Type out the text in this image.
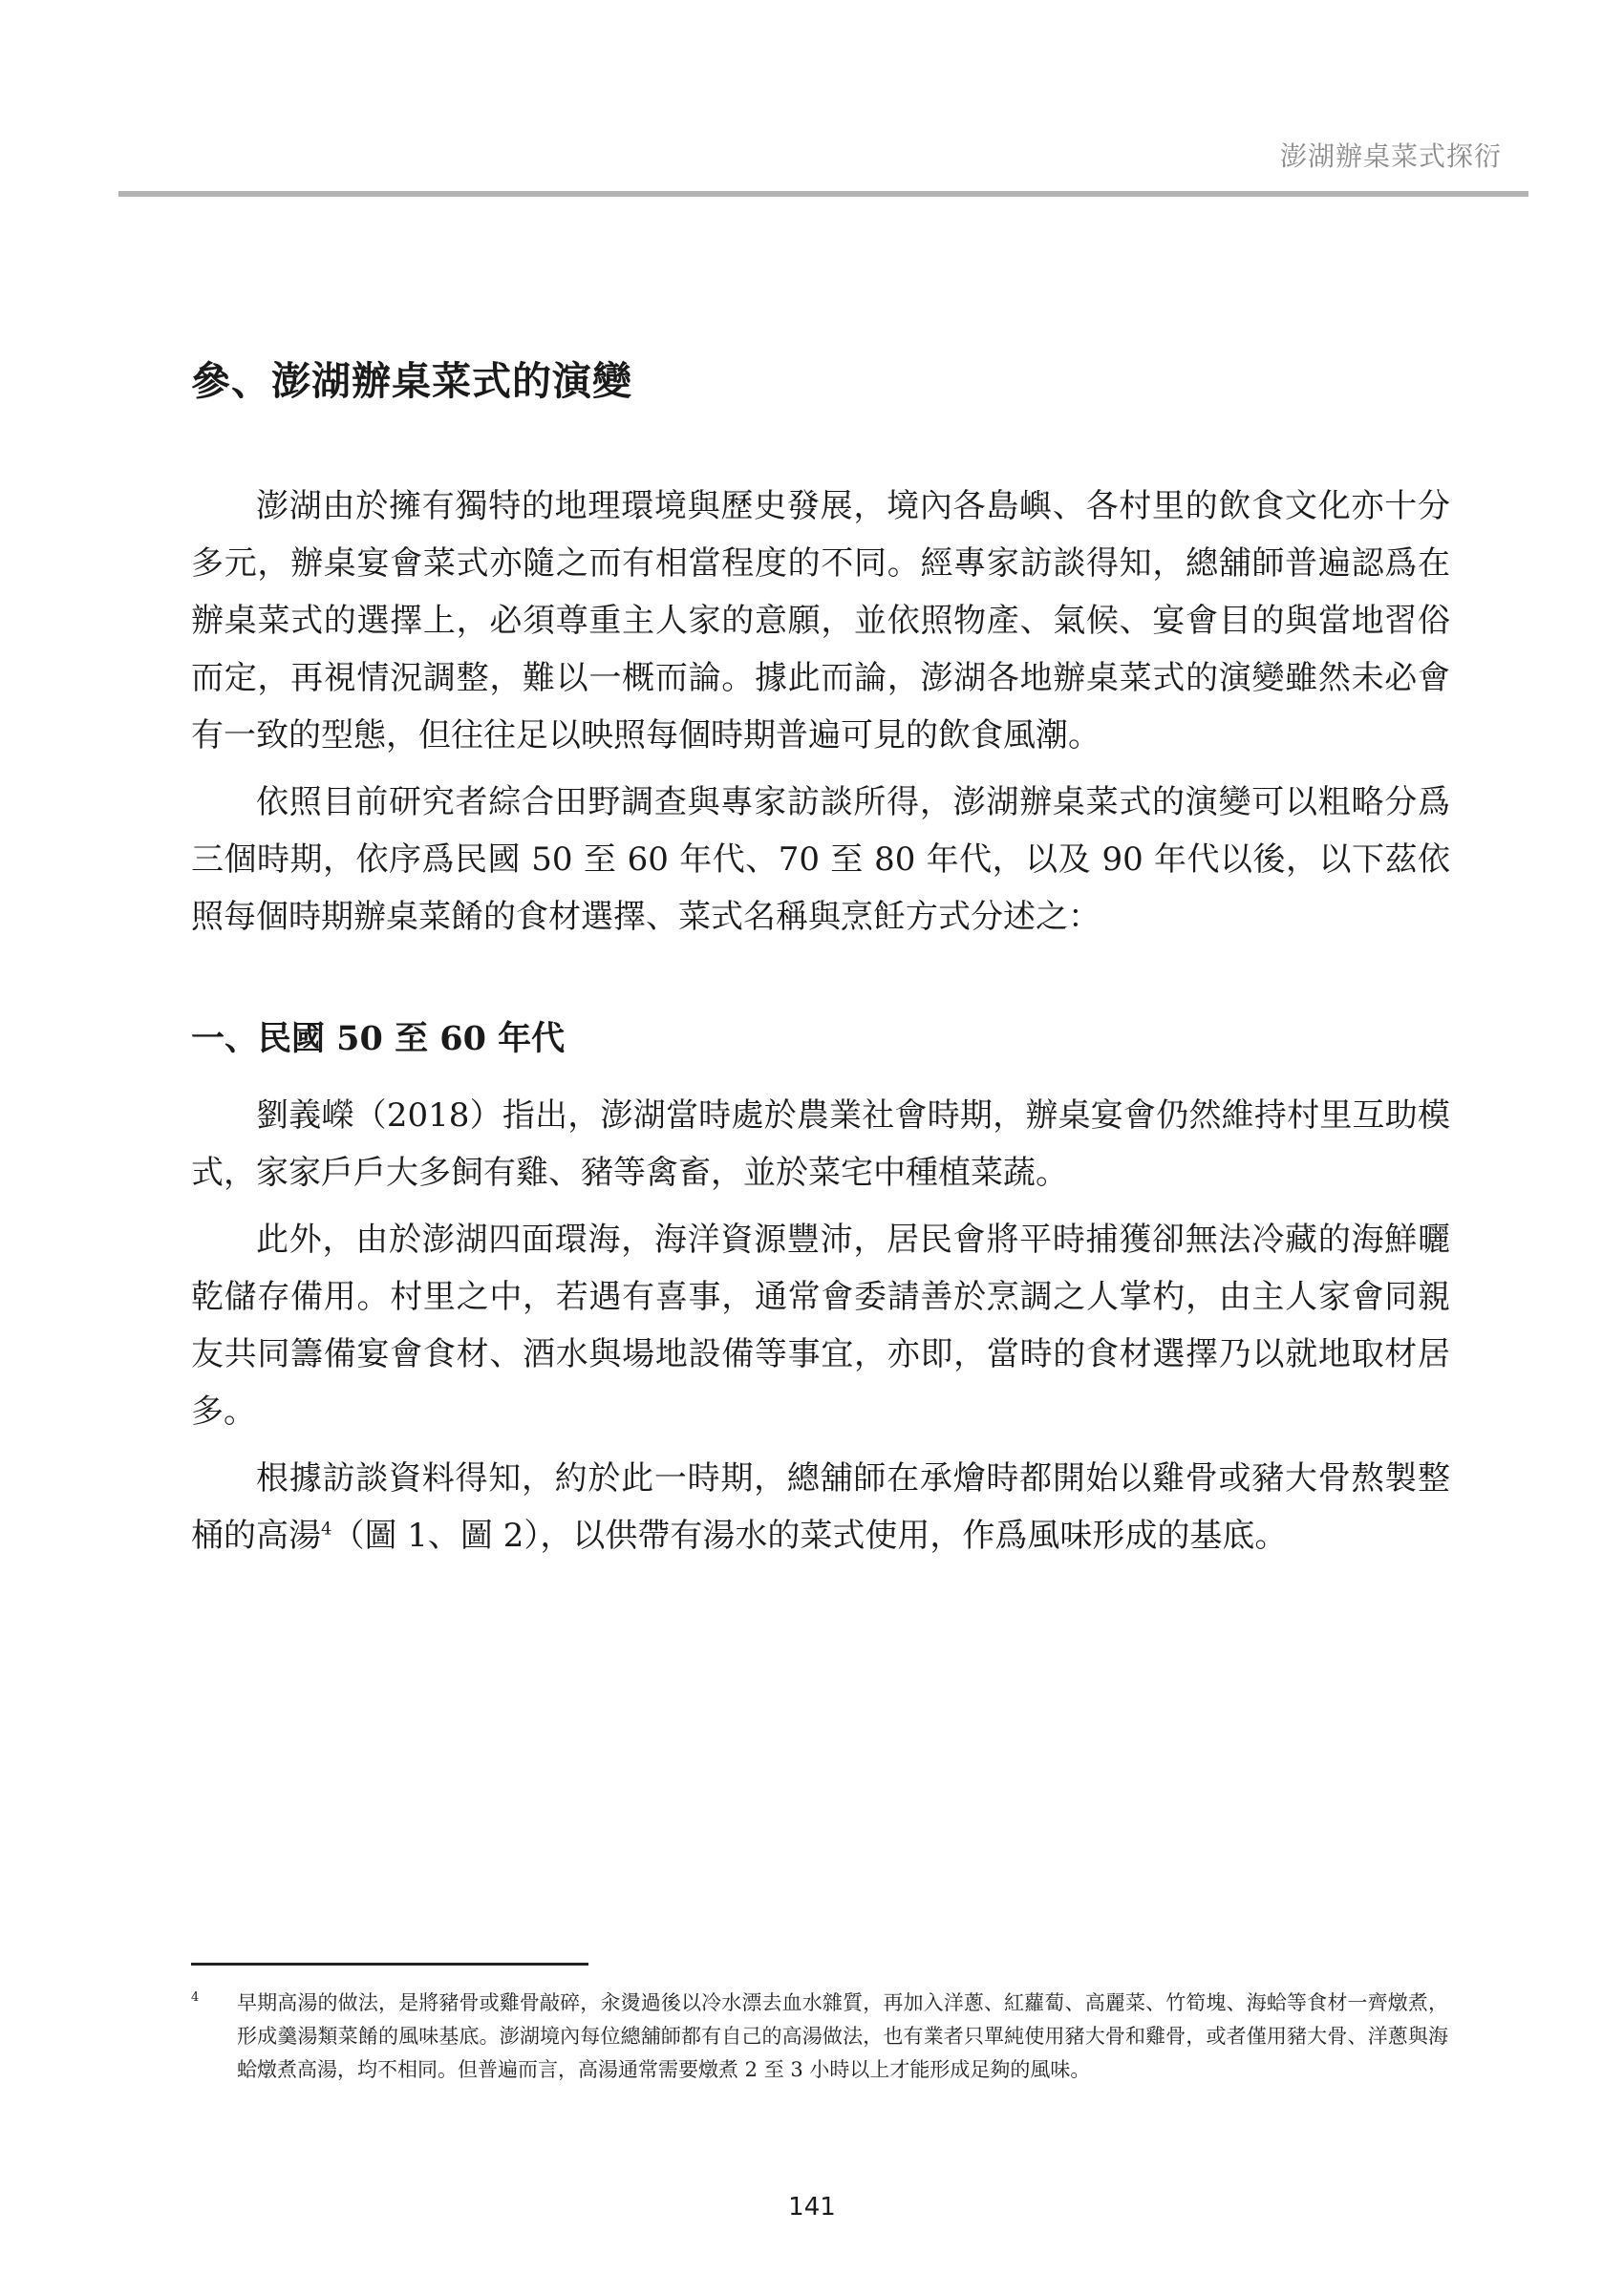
澎湖辦桌菜式探衍
參、澎湖辦桌菜式的演變

澎湖由於擁有獨特的地理環境與歷史發展，境內各島嶼、各村里的飲食文化亦十分多元，辦桌宴會菜式亦隨之而有相當程度的不同。經專家訪談得知，總舖師普遍認爲在辦桌菜式的選擇上，必須尊重主人家的意願，並依照物產、氣候、宴會目的與當地習俗而定，再視情況調整，難以一概而論。據此而論，澎湖各地辦桌菜式的演變雖然未必會有一致的型態，但往往足以映照每個時期普遍可見的飲食風潮。

依照目前研究者綜合田野調查與專家訪談所得，澎湖辦桌菜式的演變可以粗略分爲三個時期，依序爲民國 50 至 60 年代、70 至 80 年代，以及 90 年代以後，以下茲依照每個時期辦桌菜餚的食材選擇、菜式名稱與烹飪方式分述之：

一、民國 50 至 60 年代

劉義嶸（2018）指出，澎湖當時處於農業社會時期，辦桌宴會仍然維持村里互助模式，家家戶戶大多飼有雞、豬等禽畜，並於菜宅中種植菜蔬。

此外，由於澎湖四面環海，海洋資源豐沛，居民會將平時捕獲卻無法冷藏的海鮮曬乾儲存備用。村里之中，若遇有喜事，通常會委請善於烹調之人掌杓，由主人家會同親友共同籌備宴會食材、酒水與場地設備等事宜，亦即，當時的食材選擇乃以就地取材居多。

根據訪談資料得知，約於此一時期，總舖師在承燴時都開始以雞骨或豬大骨熬製整桶的高湯$^4$（圖 1、圖 2），以供帶有湯水的菜式使用，作爲風味形成的基底。

4 早期高湯的做法，是將豬骨或雞骨敲碎，汆燙過後以冷水漂去血水雜質，再加入洋蔥、紅蘿蔔、高麗菜、竹筍塊、海蛤等食材一齊燉煮，形成羹湯類菜餚的風味基底。澎湖境內每位總舖師都有自己的高湯做法，也有業者只單純使用豬大骨和雞骨，或者僅用豬大骨、洋蔥與海蛤燉煮高湯，均不相同。但普遍而言，高湯通常需要燉煮 2 至 3 小時以上才能形成足夠的風味。
141
